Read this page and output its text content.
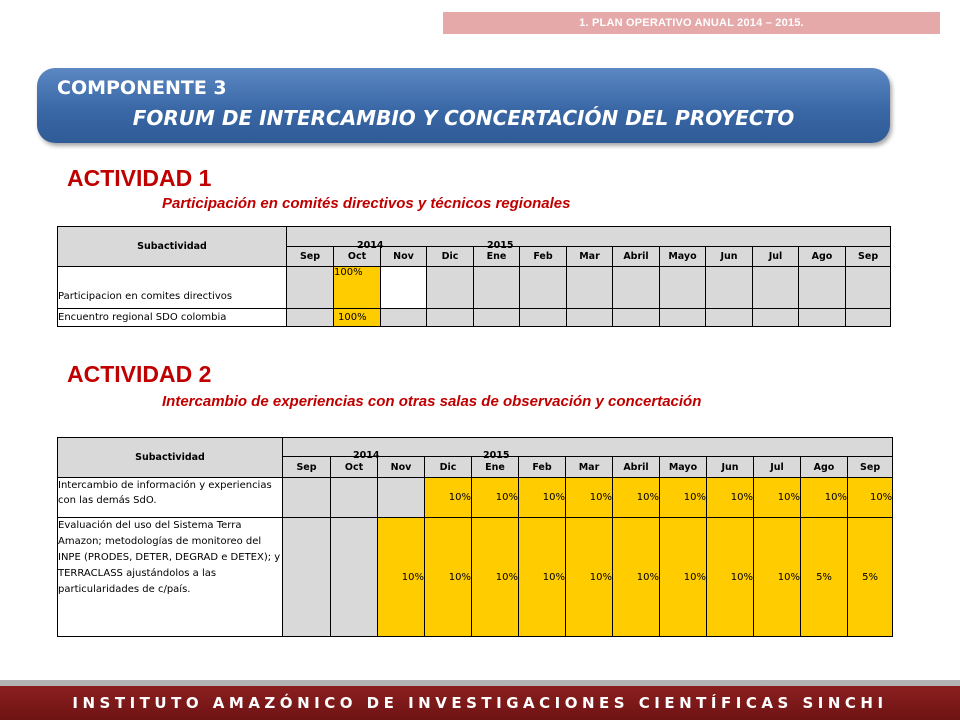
1. PLAN OPERATIVO ANUAL 2014 – 2015.
COMPONENTE 3
FORUM DE INTERCAMBIO Y CONCERTACIÓN DEL PROYECTO
ACTIVIDAD 1
Participación en comités directivos y técnicos regionales
Subactividad	2014 2015												

	Sep	Oct	Nov	Dic	Ene	Feb	Mar	Abril	Mayo	Jun	Jul	Ago	Sep
Participacion en comites directivos		100%											
Encuentro regional SDO colombia		100%											
ACTIVIDAD 2
Intercambio de experiencias con otras salas de observación y concertación
Subactividad	2014 2015												

	Sep	Oct	Nov	Dic	Ene	Feb	Mar	Abril	Mayo	Jun	Jul	Ago	Sep
Intercambio de información y experiencias con las demás SdO.				10%	10%	10%	10%	10%	10%	10%	10%	10%	10%
Evaluación del uso del Sistema Terra Amazon; metodologías de monitoreo del INPE (PRODES, DETER, DEGRAD e DETEX); y TERRACLASS ajustándolos a las particularidades de c/país.			10%	10%	10%	10%	10%	10%	10%	10%	10%	5%	5%
INSTITUTO AMAZÓNICO DE INVESTIGACIONES CIENTÍFICAS SINCHI
